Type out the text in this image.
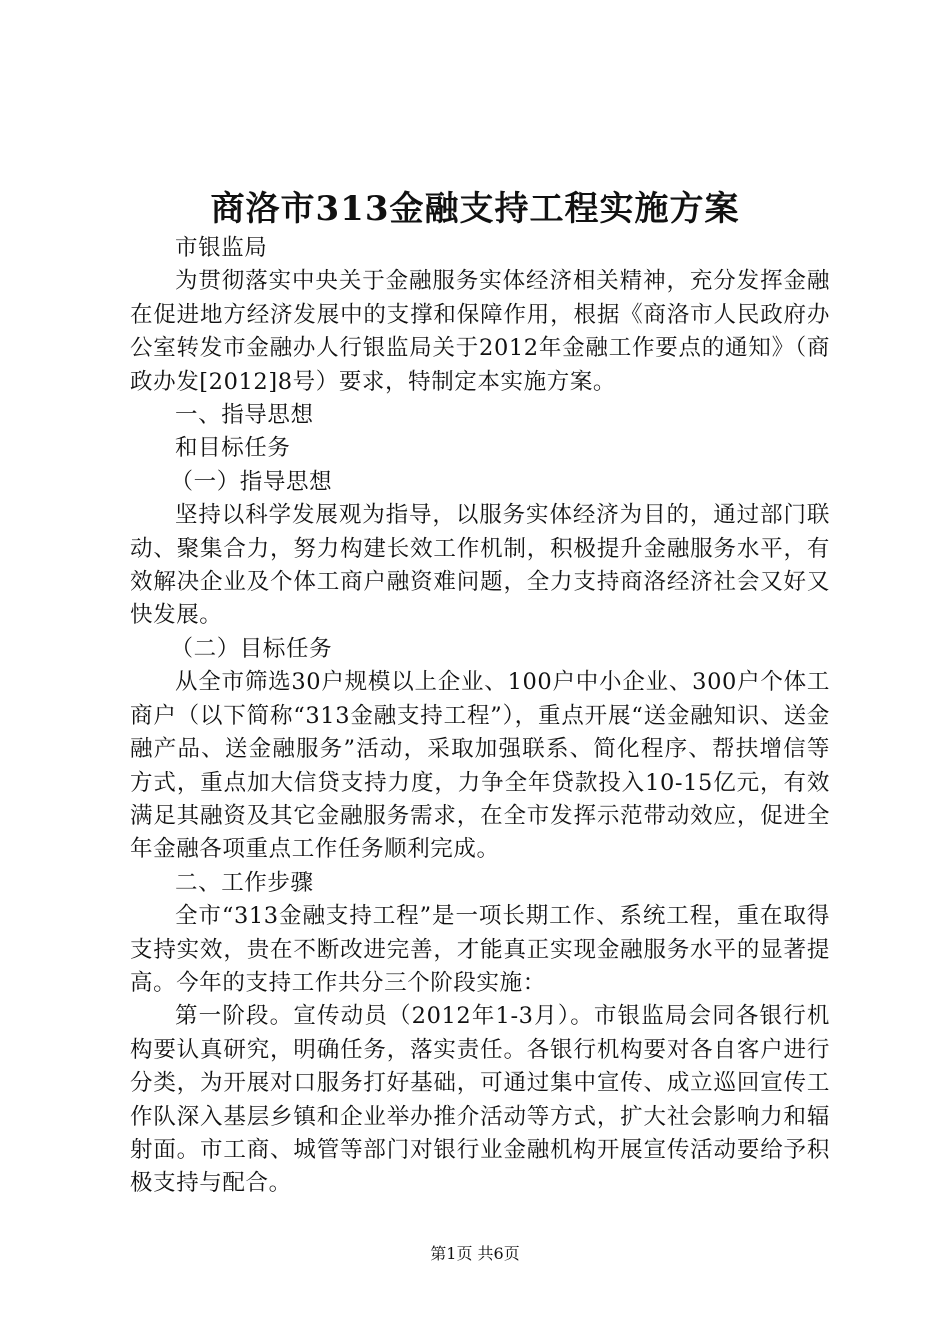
商洛市313金融支持工程实施方案

市银监局

为贯彻落实中央关于金融服务实体经济相关精神，充分发挥金融在促进地方经济发展中的支撑和保障作用，根据《商洛市人民政府办公室转发市金融办人行银监局关于2012年金融工作要点的通知》（商政办发[2012]8号）要求，特制定本实施方案。

一、指导思想

和目标任务

（一）指导思想

坚持以科学发展观为指导，以服务实体经济为目的，通过部门联动、聚集合力，努力构建长效工作机制，积极提升金融服务水平，有效解决企业及个体工商户融资难问题，全力支持商洛经济社会又好又快发展。

（二）目标任务

从全市筛选30户规模以上企业、100户中小企业、300户个体工商户（以下简称“313金融支持工程”），重点开展“送金融知识、送金融产品、送金融服务”活动，采取加强联系、简化程序、帮扶增信等方式，重点加大信贷支持力度，力争全年贷款投入10-15亿元，有效满足其融资及其它金融服务需求，在全市发挥示范带动效应，促进全年金融各项重点工作任务顺利完成。

二、工作步骤

全市“313金融支持工程”是一项长期工作、系统工程，重在取得支持实效，贵在不断改进完善，才能真正实现金融服务水平的显著提高。今年的支持工作共分三个阶段实施：

第一阶段。宣传动员（2012年1-3月）。市银监局会同各银行机构要认真研究，明确任务，落实责任。各银行机构要对各自客户进行分类，为开展对口服务打好基础，可通过集中宣传、成立巡回宣传工作队深入基层乡镇和企业举办推介活动等方式，扩大社会影响力和辐射面。市工商、城管等部门对银行业金融机构开展宣传活动要给予积极支持与配合。

第1页 共6页
